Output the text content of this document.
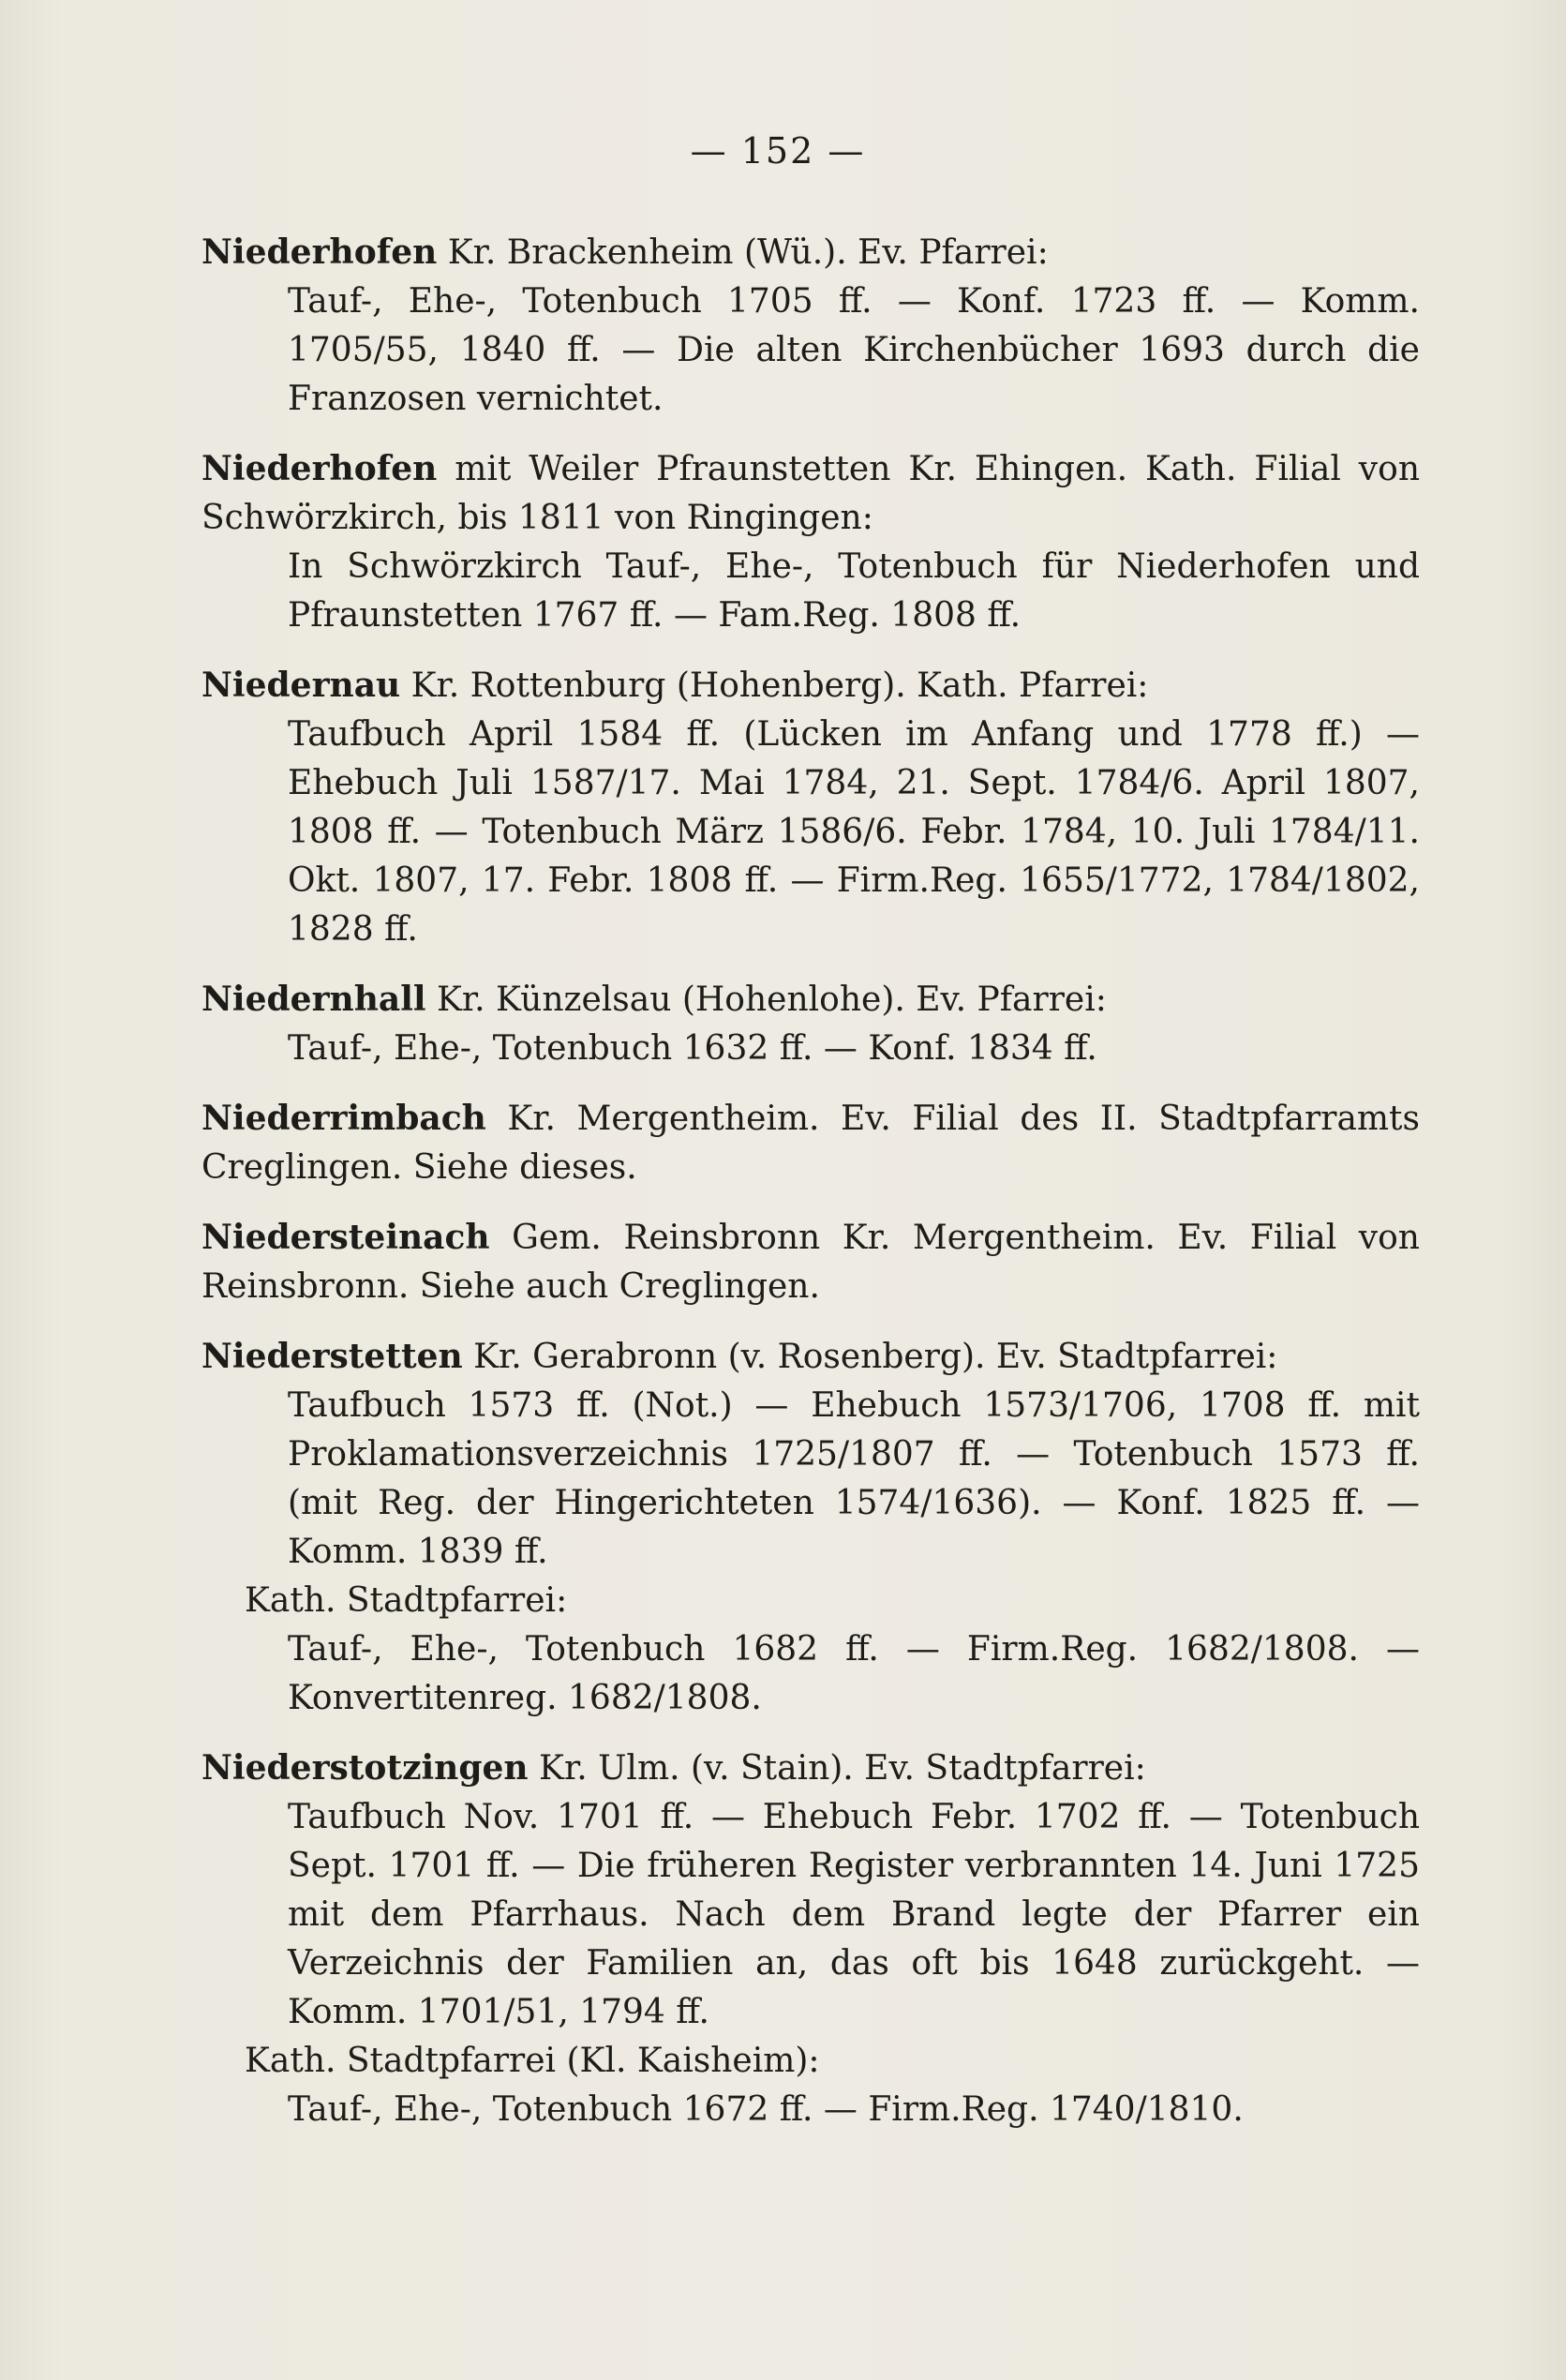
— 152 —

Niederhofen Kr. Brackenheim (Wü.). Ev. Pfarrei:

Tauf-, Ehe-, Totenbuch 1705 ff. — Konf. 1723 ff. — Komm. 1705/55, 1840 ff. — Die alten Kirchenbücher 1693 durch die Franzosen vernichtet.

Niederhofen mit Weiler Pfraunstetten Kr. Ehingen. Kath. Filial von Schwörzkirch, bis 1811 von Ringingen:

In Schwörzkirch Tauf-, Ehe-, Totenbuch für Niederhofen und Pfraunstetten 1767 ff. — Fam.Reg. 1808 ff.

Niedernau Kr. Rottenburg (Hohenberg). Kath. Pfarrei:

Taufbuch April 1584 ff. (Lücken im Anfang und 1778 ff.) — Ehebuch Juli 1587/17. Mai 1784, 21. Sept. 1784/6. April 1807, 1808 ff. — Totenbuch März 1586/6. Febr. 1784, 10. Juli 1784/11. Okt. 1807, 17. Febr. 1808 ff. — Firm.Reg. 1655/1772, 1784/1802, 1828 ff.

Niedernhall Kr. Künzelsau (Hohenlohe). Ev. Pfarrei:

Tauf-, Ehe-, Totenbuch 1632 ff. — Konf. 1834 ff.

Niederrimbach Kr. Mergentheim. Ev. Filial des II. Stadtpfarramts Creglingen. Siehe dieses.

Niedersteinach Gem. Reinsbronn Kr. Mergentheim. Ev. Filial von Reinsbronn. Siehe auch Creglingen.

Niederstetten Kr. Gerabronn (v. Rosenberg). Ev. Stadtpfarrei:

Taufbuch 1573 ff. (Not.) — Ehebuch 1573/1706, 1708 ff. mit Proklamationsverzeichnis 1725/1807 ff. — Totenbuch 1573 ff. (mit Reg. der Hingerichteten 1574/1636). — Konf. 1825 ff. — Komm. 1839 ff.

Kath. Stadtpfarrei:

Tauf-, Ehe-, Totenbuch 1682 ff. — Firm.Reg. 1682/1808. — Konvertitenreg. 1682/1808.

Niederstotzingen Kr. Ulm. (v. Stain). Ev. Stadtpfarrei:

Taufbuch Nov. 1701 ff. — Ehebuch Febr. 1702 ff. — Totenbuch Sept. 1701 ff. — Die früheren Register verbrannten 14. Juni 1725 mit dem Pfarrhaus. Nach dem Brand legte der Pfarrer ein Verzeichnis der Familien an, das oft bis 1648 zurückgeht. — Komm. 1701/51, 1794 ff.

Kath. Stadtpfarrei (Kl. Kaisheim):

Tauf-, Ehe-, Totenbuch 1672 ff. — Firm.Reg. 1740/1810.
